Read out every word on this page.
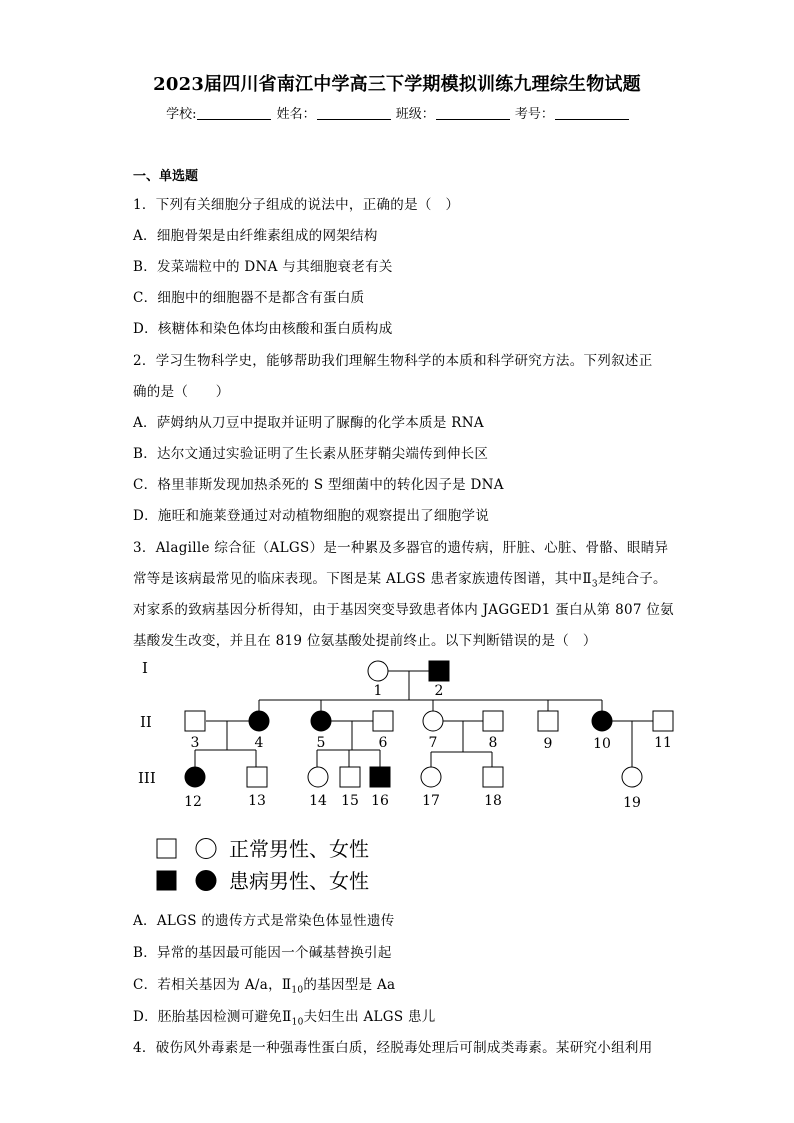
2023届四川省南江中学高三下学期模拟训练九理综生物试题
学校:	姓名：	班级：	考号：
一、单选题
1．下列有关细胞分子组成的说法中，正确的是（　）
A．细胞骨架是由纤维素组成的网架结构
B．发菜端粒中的 DNA 与其细胞衰老有关
C．细胞中的细胞器不是都含有蛋白质
D．核糖体和染色体均由核酸和蛋白质构成
2．学习生物科学史，能够帮助我们理解生物科学的本质和科学研究方法。下列叙述正
确的是（　　）
A．萨姆纳从刀豆中提取并证明了脲酶的化学本质是 RNA
B．达尔文通过实验证明了生长素从胚芽鞘尖端传到伸长区
C．格里菲斯发现加热杀死的 S 型细菌中的转化因子是 DNA
D．施旺和施莱登通过对动植物细胞的观察提出了细胞学说
3．Alagille 综合征（ALGS）是一种累及多器官的遗传病，肝脏、心脏、骨骼、眼睛异
常等是该病最常见的临床表现。下图是某 ALGS 患者家族遗传图谱，其中$Ⅱ_3$是纯合子。
对家系的致病基因分析得知，由于基因突变导致患者体内 JAGGED1 蛋白从第 807 位氨
基酸发生改变，并且在 819 位氨基酸处提前终止。以下判断错误的是（　）
I
II
III
1	2
3	4	5	6	7	8	9	10	11
12	13	14 15 16 17	18	19
正常男性、女性
患病男性、女性
A．ALGS 的遗传方式是常染色体显性遗传
B．异常的基因最可能因一个碱基替换引起
C．若相关基因为 A/a，$Ⅱ_{10}$的基因型是 Aa
D．胚胎基因检测可避免$Ⅱ_{10}$夫妇生出 ALGS 患儿
4．破伤风外毒素是一种强毒性蛋白质，经脱毒处理后可制成类毒素。某研究小组利用
